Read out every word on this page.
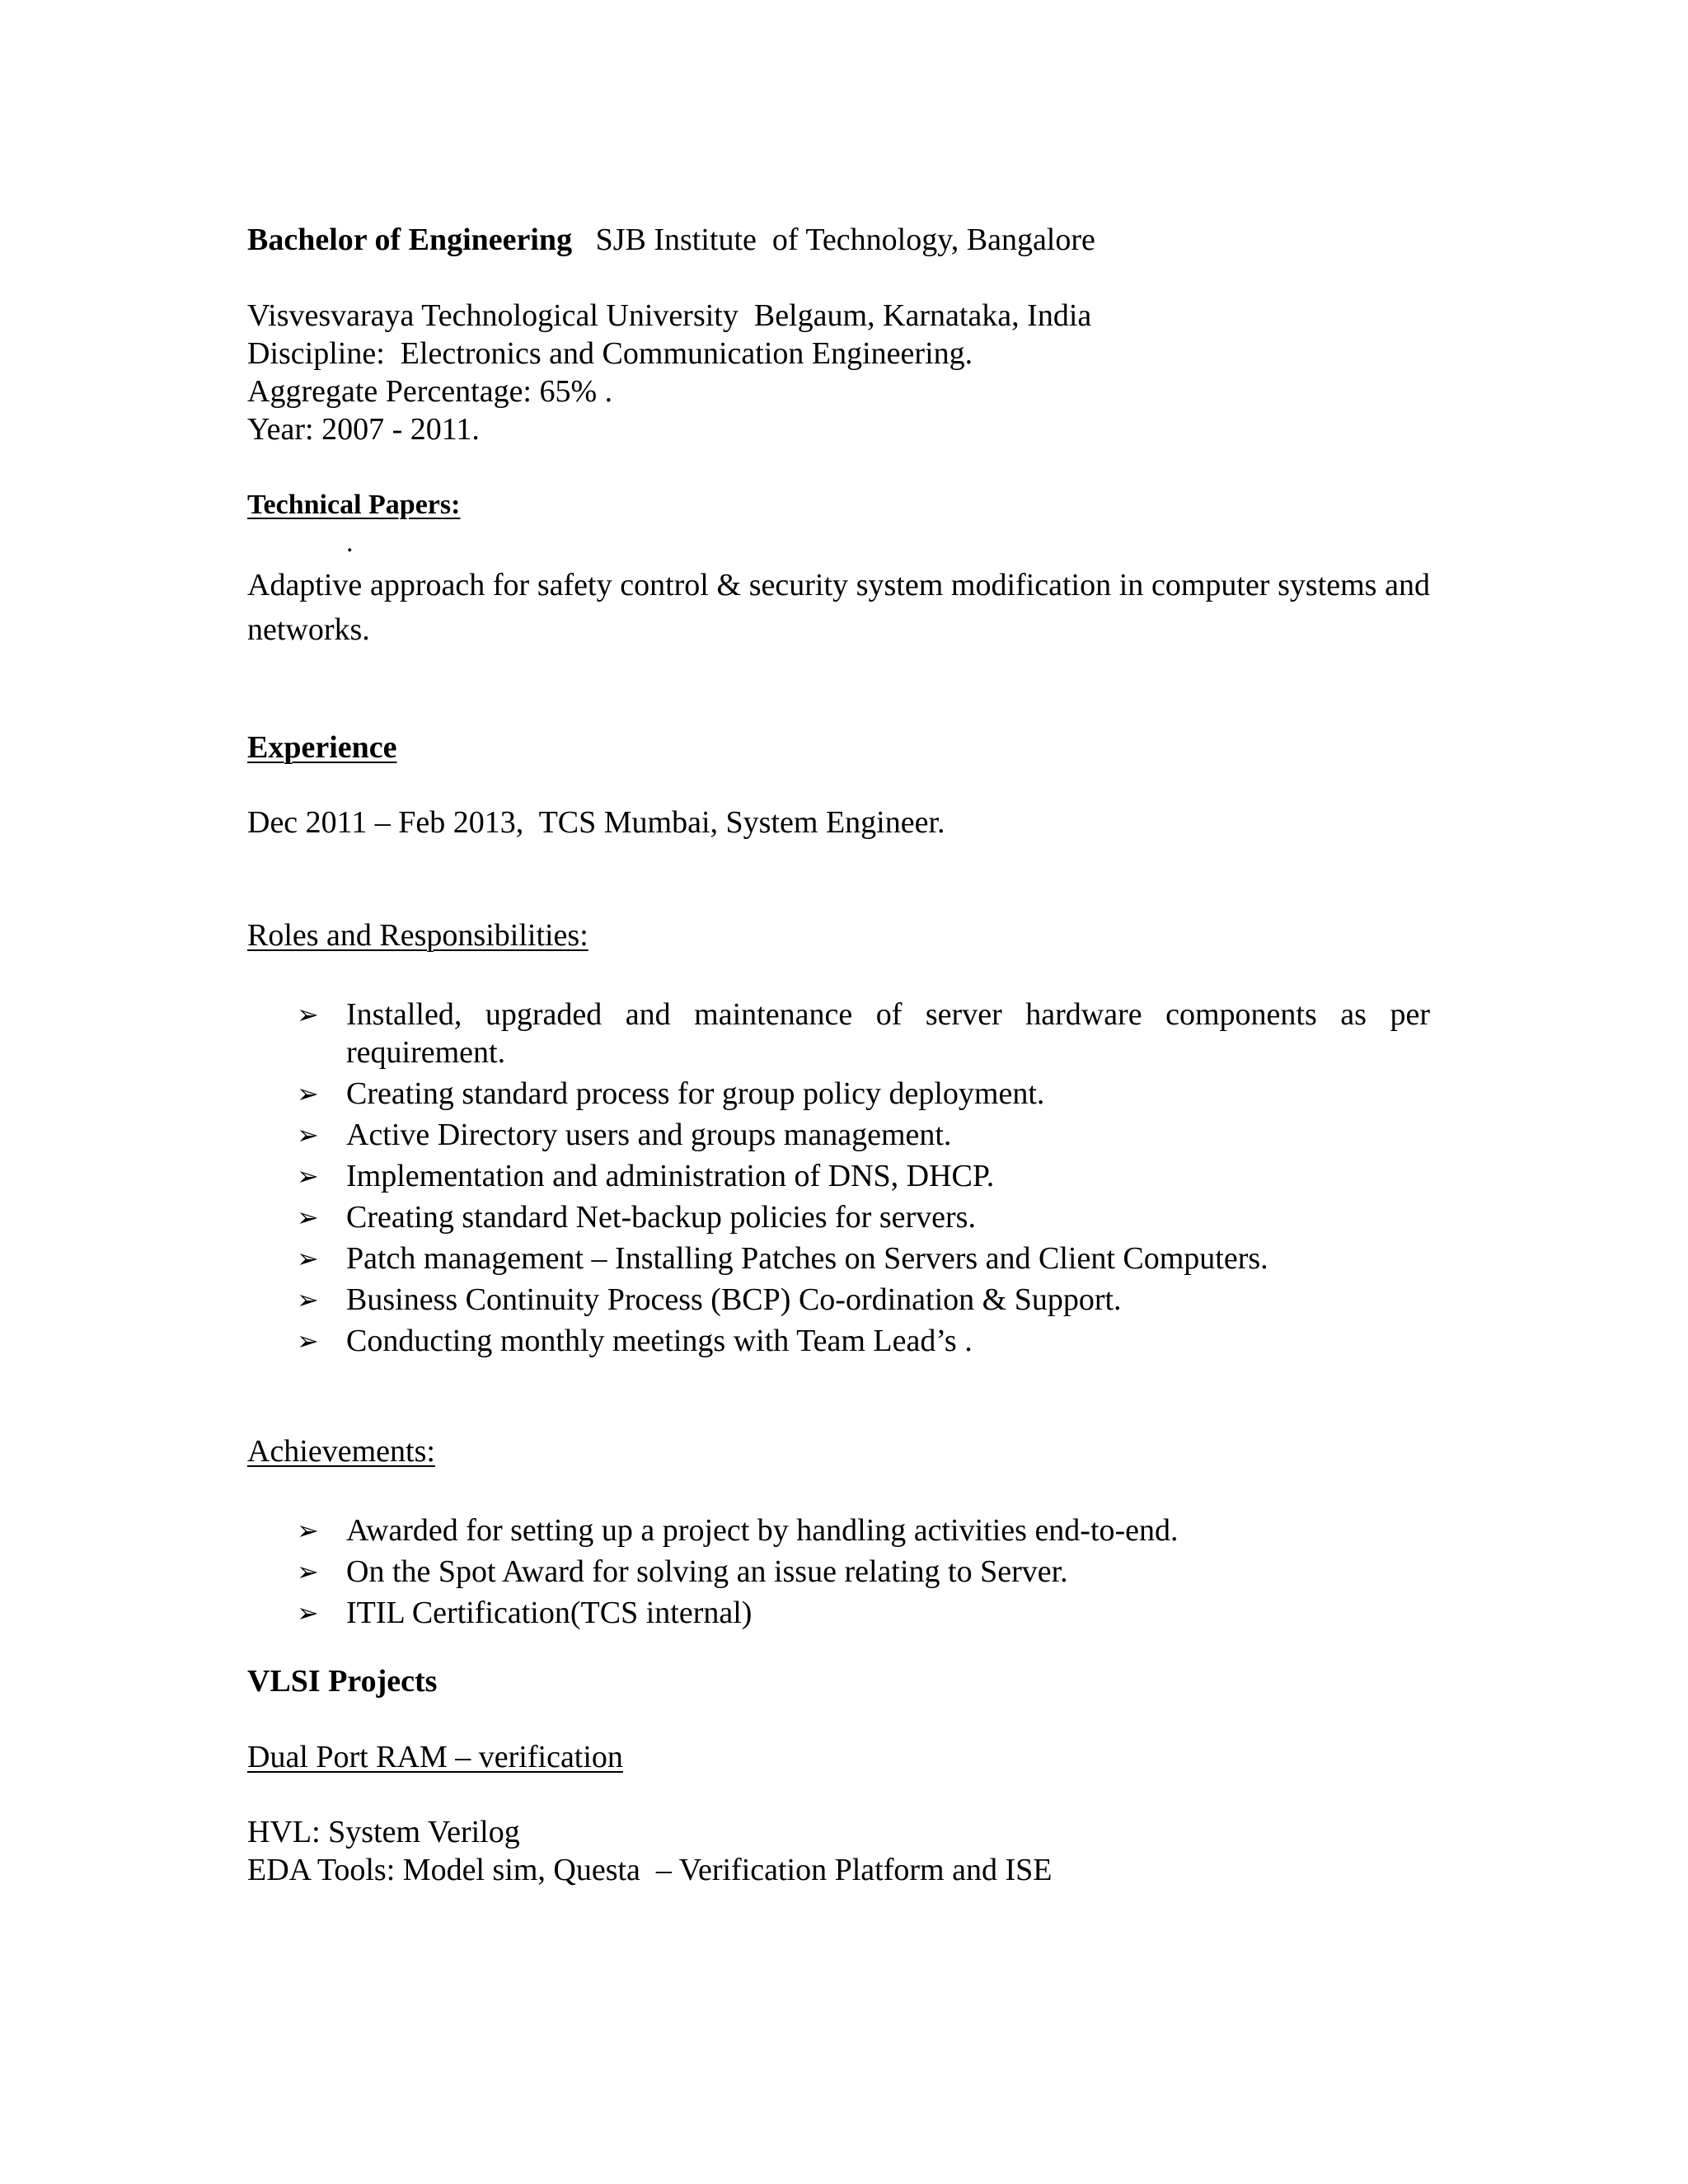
Bachelor of Engineering SJB Institute  of Technology, Bangalore
Visvesvaraya Technological University  Belgaum, Karnataka, India
Discipline:  Electronics and Communication Engineering.
Aggregate Percentage: 65% .
Year: 2007 - 2011.
Technical Papers:
.
Adaptive approach for safety control & security system modification in computer systems and networks.
Experience
Dec 2011 – Feb 2013,  TCS Mumbai, System Engineer.
Roles and Responsibilities:
➢ Installed, upgraded and maintenance of server hardware components as per requirement.
➢ Creating standard process for group policy deployment.
➢ Active Directory users and groups management.
➢ Implementation and administration of DNS, DHCP.
➢ Creating standard Net-backup policies for servers.
➢ Patch management – Installing Patches on Servers and Client Computers.
➢ Business Continuity Process (BCP) Co-ordination & Support.
➢ Conducting monthly meetings with Team Lead’s .
Achievements:
➢ Awarded for setting up a project by handling activities end-to-end.
➢ On the Spot Award for solving an issue relating to Server.
➢ ITIL Certification(TCS internal)
VLSI Projects
Dual Port RAM – verification
HVL: System Verilog
EDA Tools: Model sim, Questa  – Verification Platform and ISE
